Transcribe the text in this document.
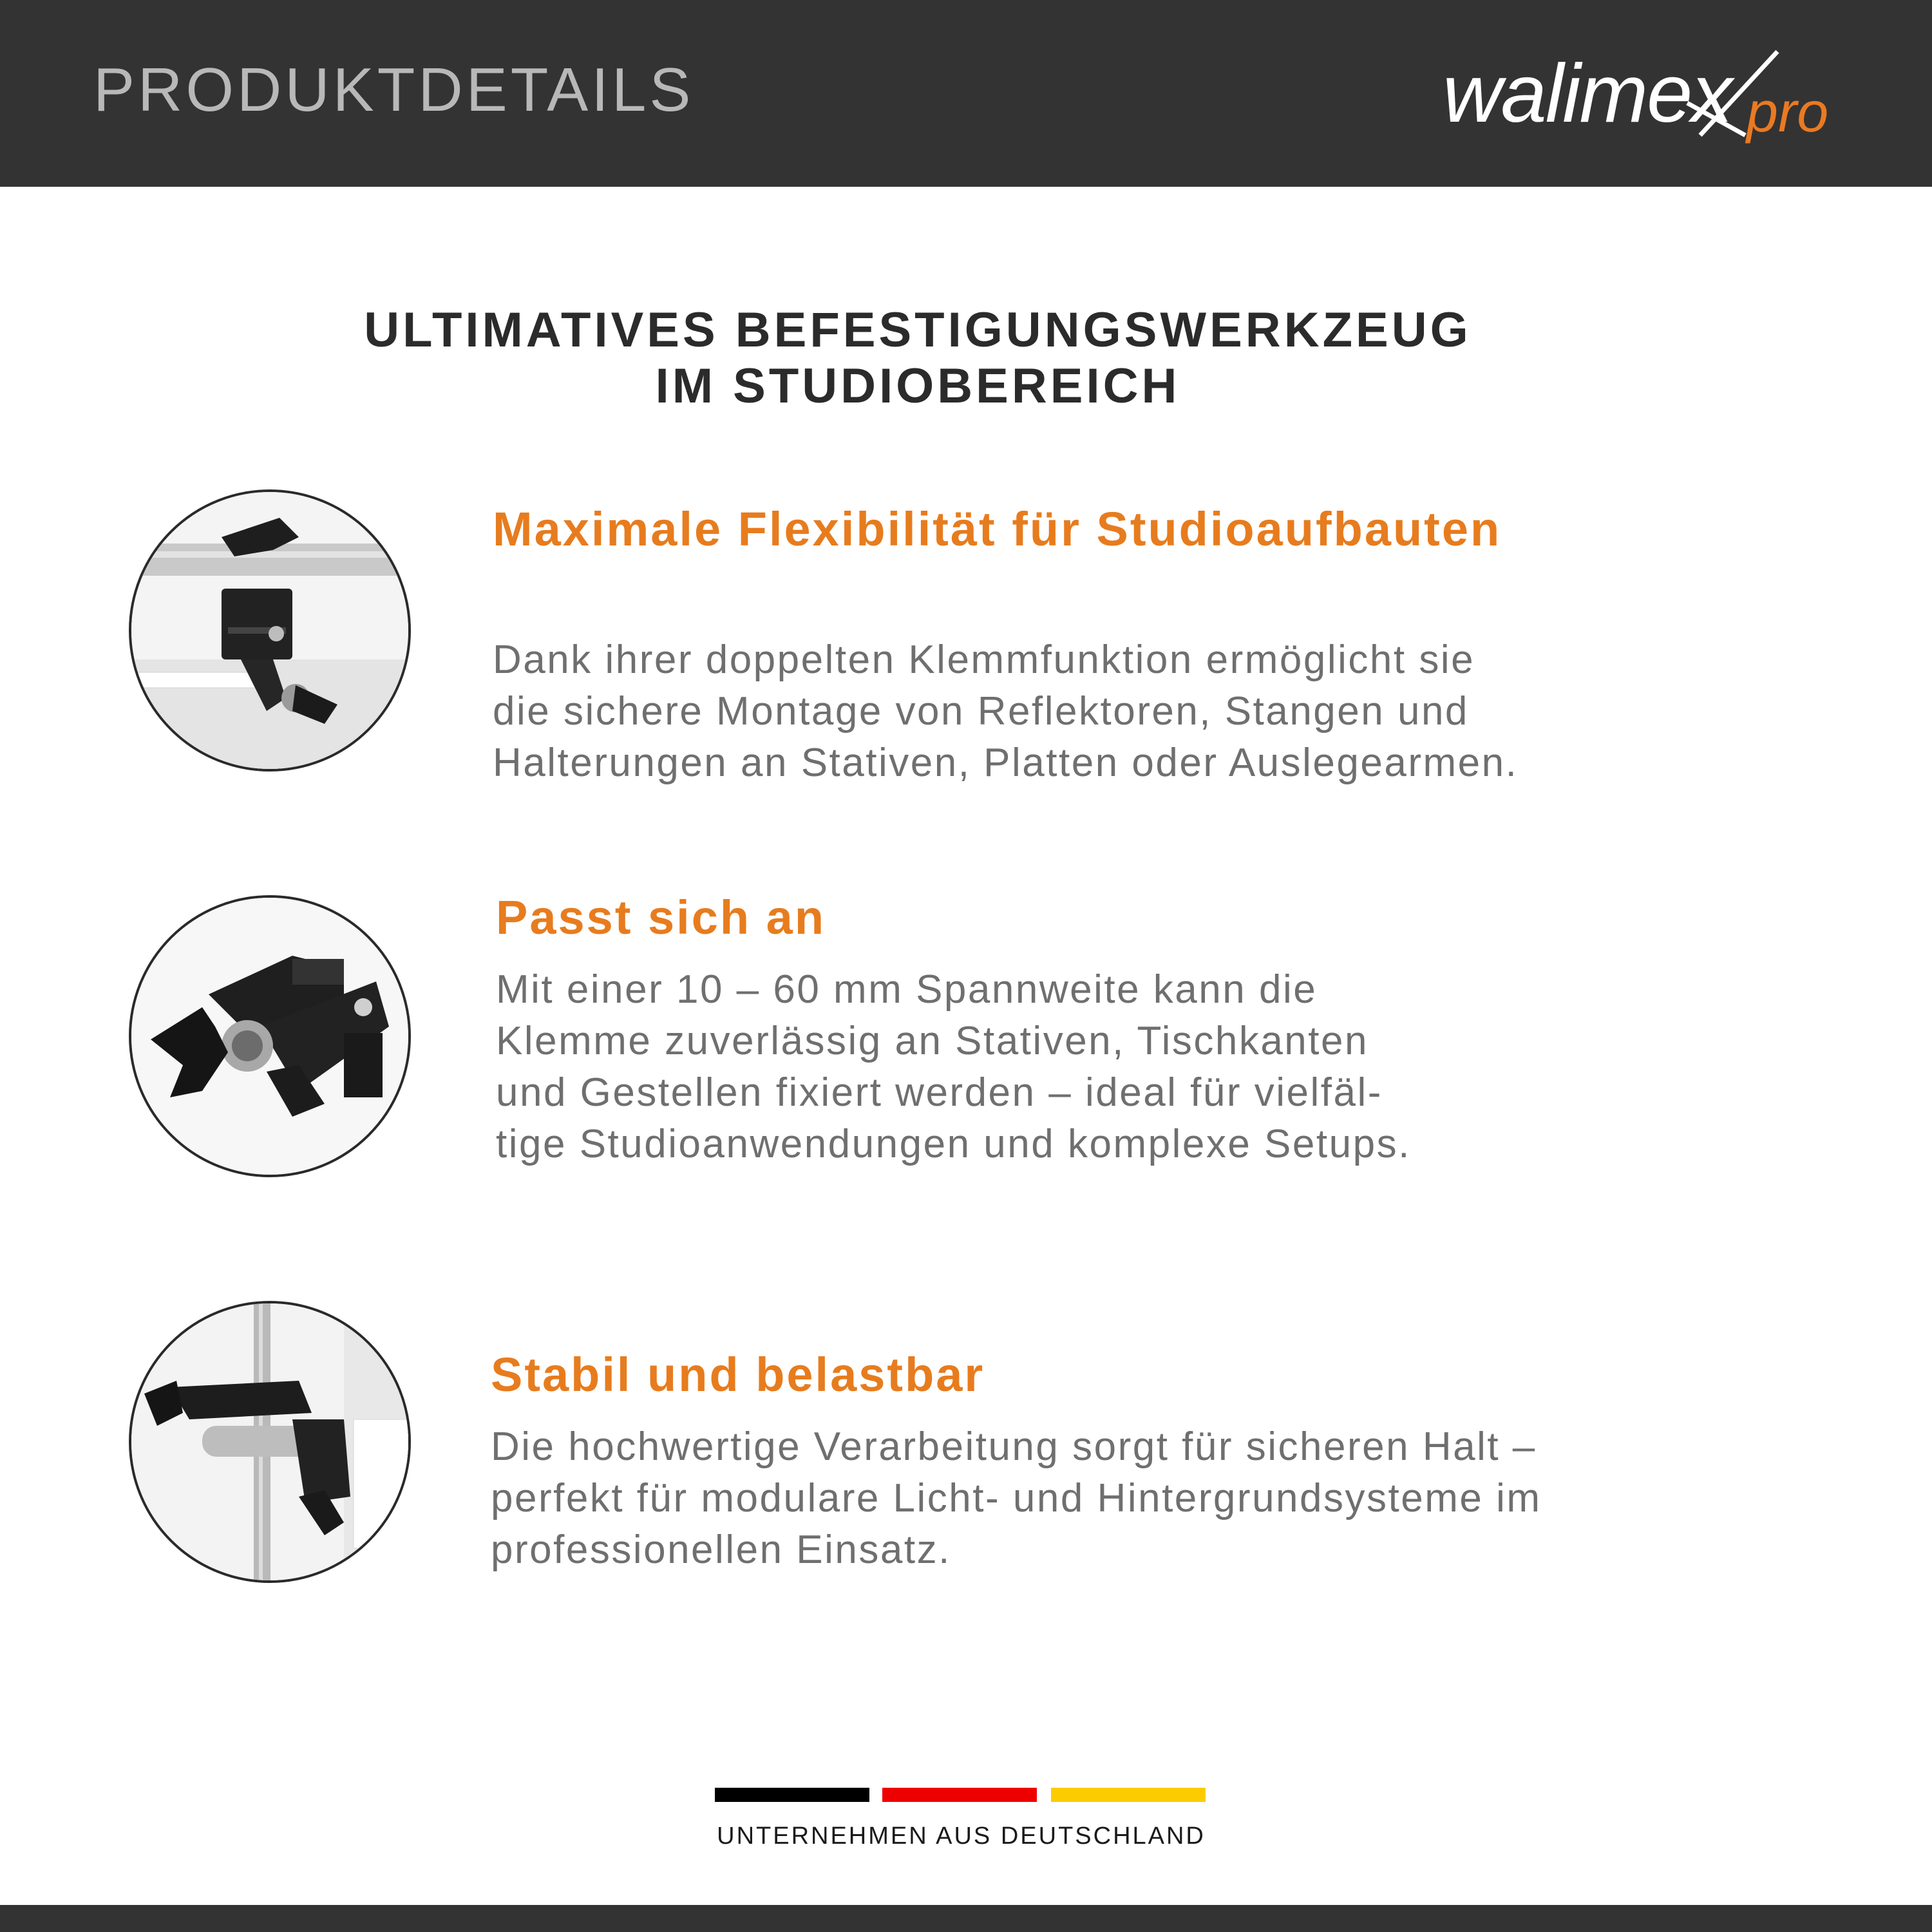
PRODUKTDETAILS	walimex pro
ULTIMATIVES BEFESTIGUNGSWERKZEUG
IM STUDIOBEREICH
Maximale Flexibilität für Studioaufbauten
Dank ihrer doppelten Klemmfunktion ermöglicht sie
die sichere Montage von Reflektoren, Stangen und
Halterungen an Stativen, Platten oder Auslegearmen.
Passt sich an
Mit einer 10 – 60 mm Spannweite kann die
Klemme zuverlässig an Stativen, Tischkanten
und Gestellen fixiert werden – ideal für vielfäl-
tige Studioanwendungen und komplexe Setups.
Stabil und belastbar
Die hochwertige Verarbeitung sorgt für sicheren Halt –
perfekt für modulare Licht- und Hintergrundsysteme im
professionellen Einsatz.
UNTERNEHMEN AUS DEUTSCHLAND
